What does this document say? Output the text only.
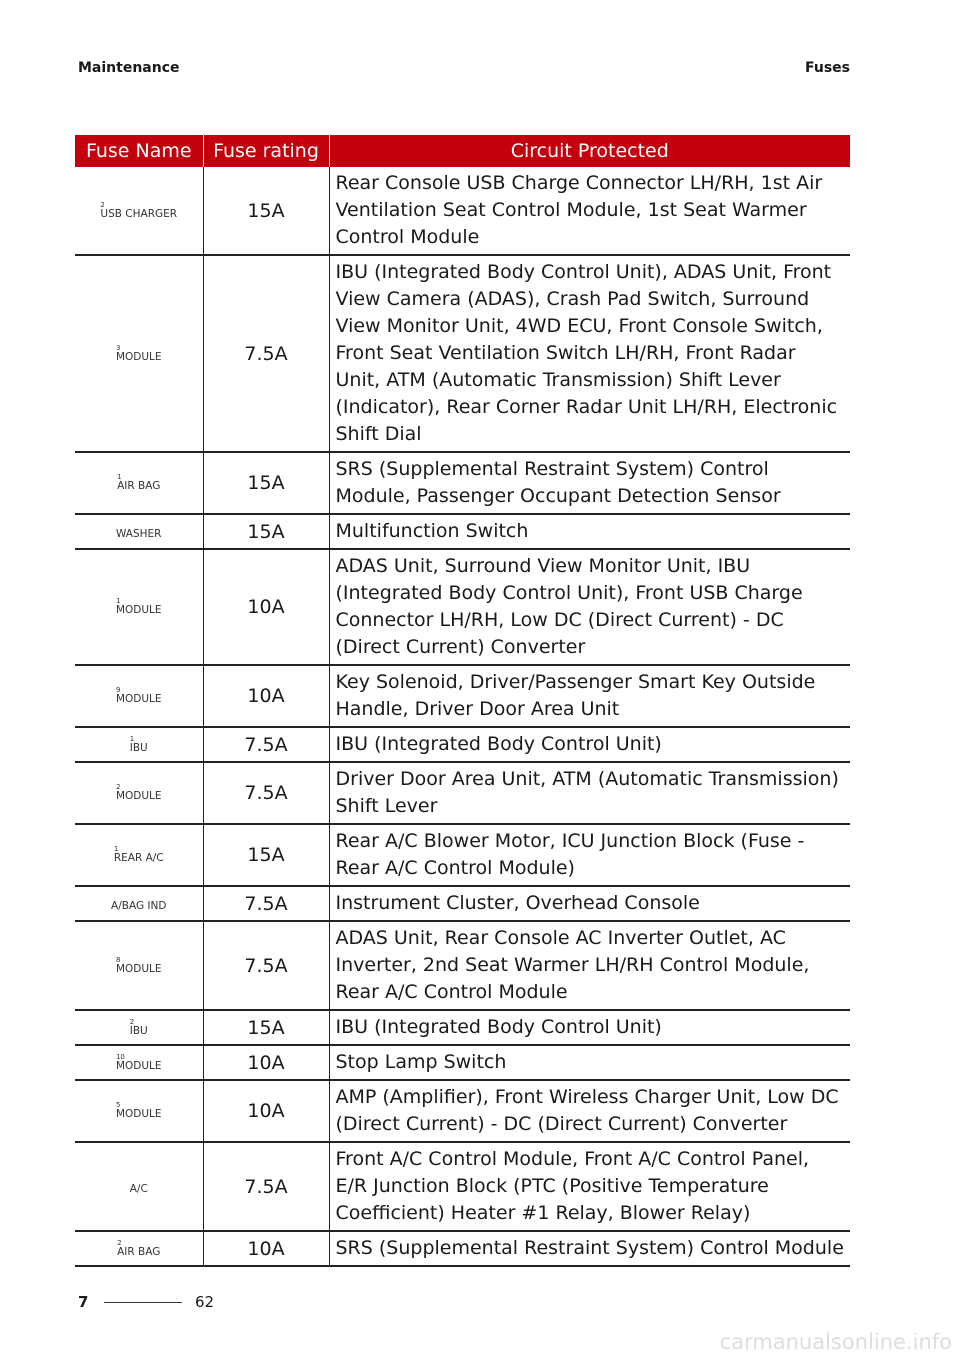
Maintenance	Fuses
Fuse Name	Fuse rating	Circuit Protected

2
USB CHARGER	15A	Rear Console USB Charge Connector LH/RH, 1st Air Ventilation Seat Control Module, 1st Seat Warmer Control Module

3
MODULE	7.5A	IBU (Integrated Body Control Unit), ADAS Unit, Front View Camera (ADAS), Crash Pad Switch, Surround View Monitor Unit, 4WD ECU, Front Console Switch, Front Seat Ventilation Switch LH/RH, Front Radar Unit, ATM (Automatic Transmission) Shift Lever (Indicator), Rear Corner Radar Unit LH/RH, Electronic Shift Dial

1
AIR BAG	15A	SRS (Supplemental Restraint System) Control Module, Passenger Occupant Detection Sensor

WASHER	15A	Multifunction Switch

1
MODULE	10A	ADAS Unit, Surround View Monitor Unit, IBU (Integrated Body Control Unit), Front USB Charge Connector LH/RH, Low DC (Direct Current) - DC (Direct Current) Converter

9
MODULE	10A	Key Solenoid, Driver/Passenger Smart Key Outside Handle, Driver Door Area Unit

1
IBU	7.5A	IBU (Integrated Body Control Unit)

2
MODULE	7.5A	Driver Door Area Unit, ATM (Automatic Transmission) Shift Lever

1
REAR A/C	15A	Rear A/C Blower Motor, ICU Junction Block (Fuse - Rear A/C Control Module)

A/BAG IND	7.5A	Instrument Cluster, Overhead Console

8
MODULE	7.5A	ADAS Unit, Rear Console AC Inverter Outlet, AC Inverter, 2nd Seat Warmer LH/RH Control Module, Rear A/C Control Module

2
IBU	15A	IBU (Integrated Body Control Unit)

10
MODULE	10A	Stop Lamp Switch

5
MODULE	10A	AMP (Amplifier), Front Wireless Charger Unit, Low DC (Direct Current) - DC (Direct Current) Converter

A/C	7.5A	Front A/C Control Module, Front A/C Control Panel, E/R Junction Block (PTC (Positive Temperature Coefficient) Heater #1 Relay, Blower Relay)

2
AIR BAG	10A	SRS (Supplemental Restraint System) Control Module
7	62
carmanualsonline.info
